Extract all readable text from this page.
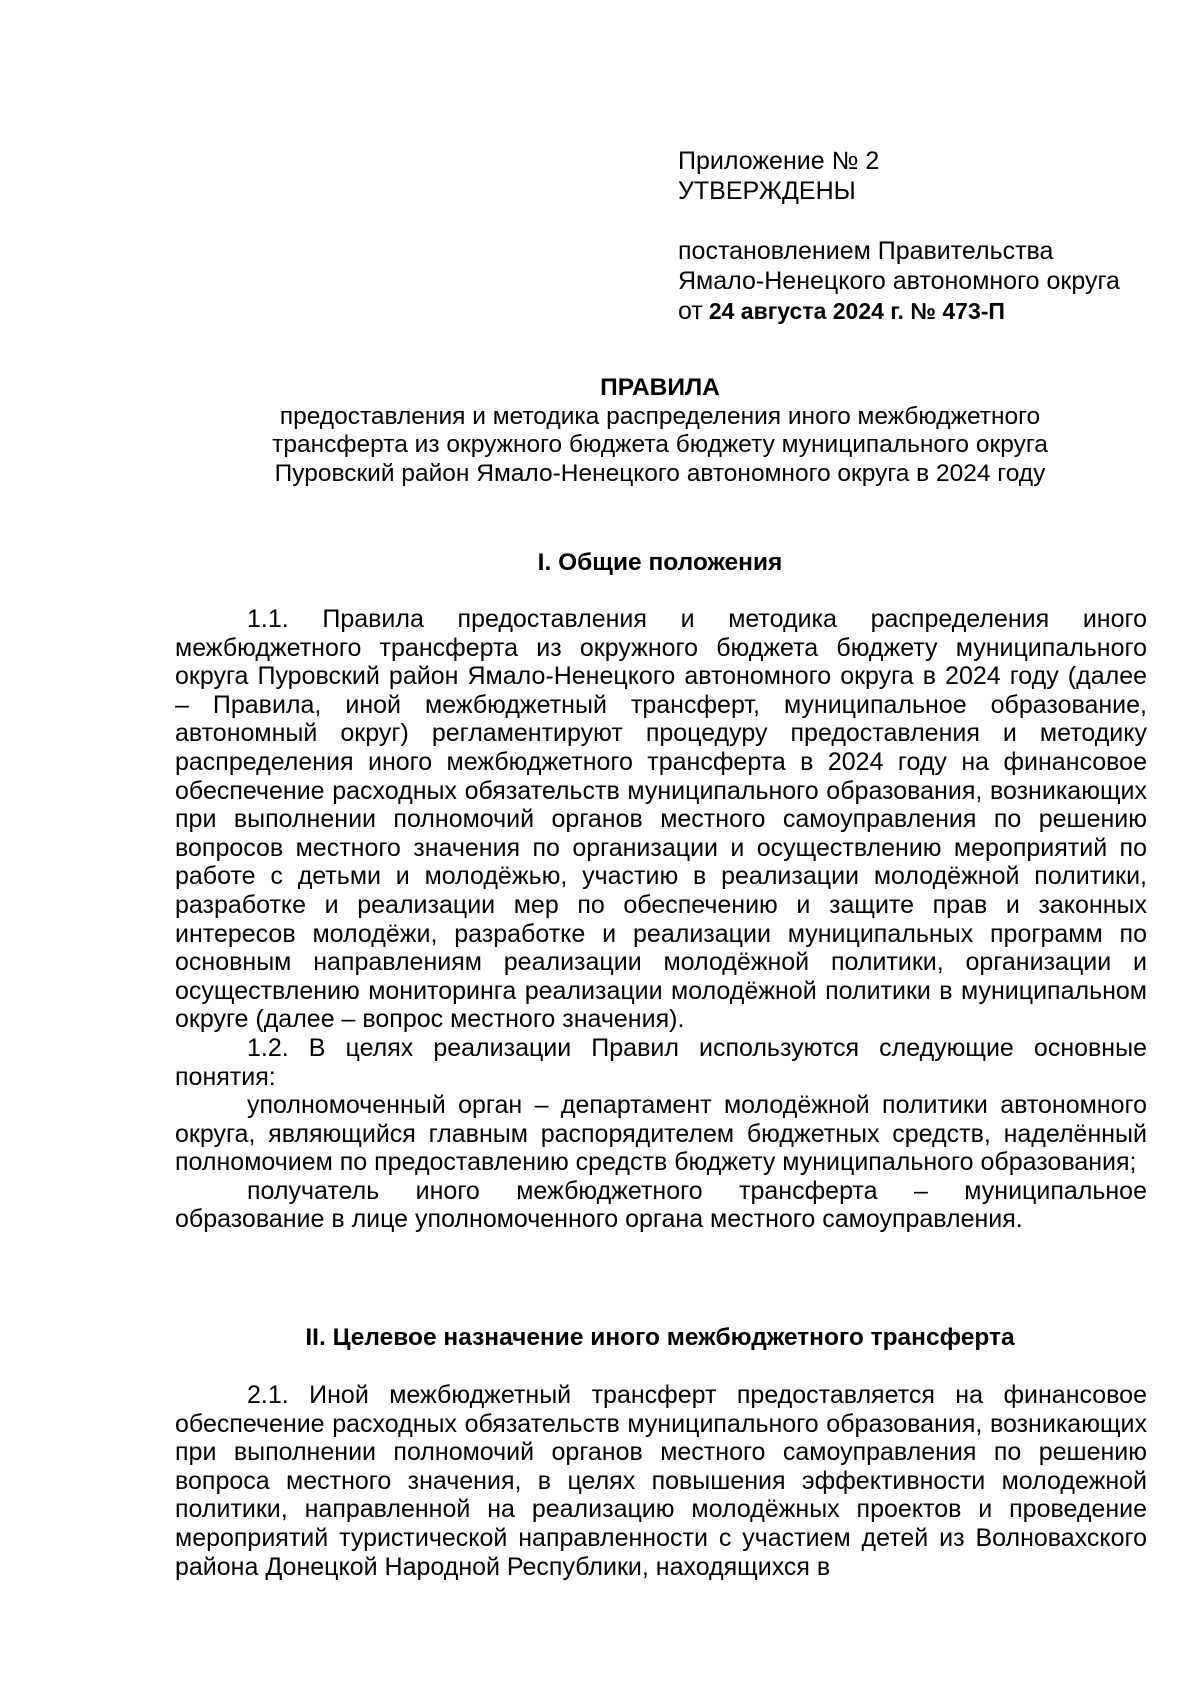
Приложение № 2
УТВЕРЖДЕНЫ
постановлением Правительства
Ямало-Ненецкого автономного округа
от 24 августа 2024 г. № 473-П
ПРАВИЛА
предоставления и методика распределения иного межбюджетного
трансферта из окружного бюджета бюджету муниципального округа
Пуровский район Ямало-Ненецкого автономного округа в 2024 году
I. Общие положения

1.1. Правила предоставления и методика распределения иного межбюджетного трансферта из окружного бюджета бюджету муниципального округа Пуровский район Ямало-Ненецкого автономного округа в 2024 году (далее – Правила, иной межбюджетный трансферт, муниципальное образование, автономный округ) регламентируют процедуру предоставления и методику распределения иного межбюджетного трансферта в 2024 году на финансовое обеспечение расходных обязательств муниципального образования, возникающих при выполнении полномочий органов местного самоуправления по решению вопросов местного значения по организации и осуществлению мероприятий по работе с детьми и молодёжью, участию в реализации молодёжной политики, разработке и реализации мер по обеспечению и защите прав и законных интересов молодёжи, разработке и реализации муниципальных программ по основным направлениям реализации молодёжной политики, организации и осуществлению мониторинга реализации молодёжной политики в муниципальном округе (далее – вопрос местного значения).

1.2. В целях реализации Правил используются следующие основные понятия:

уполномоченный орган – департамент молодёжной политики автономного округа, являющийся главным распорядителем бюджетных средств, наделённый полномочием по предоставлению средств бюджету муниципального образования;

получатель иного межбюджетного трансферта – муниципальное образование в лице уполномоченного органа местного самоуправления.

II. Целевое назначение иного межбюджетного трансферта

2.1. Иной межбюджетный трансферт предоставляется на финансовое обеспечение расходных обязательств муниципального образования, возникающих при выполнении полномочий органов местного самоуправления по решению вопроса местного значения, в целях повышения эффективности молодежной политики, направленной на реализацию молодёжных проектов и проведение мероприятий туристической направленности с участием детей из Волновахского района Донецкой Народной Республики, находящихся в
